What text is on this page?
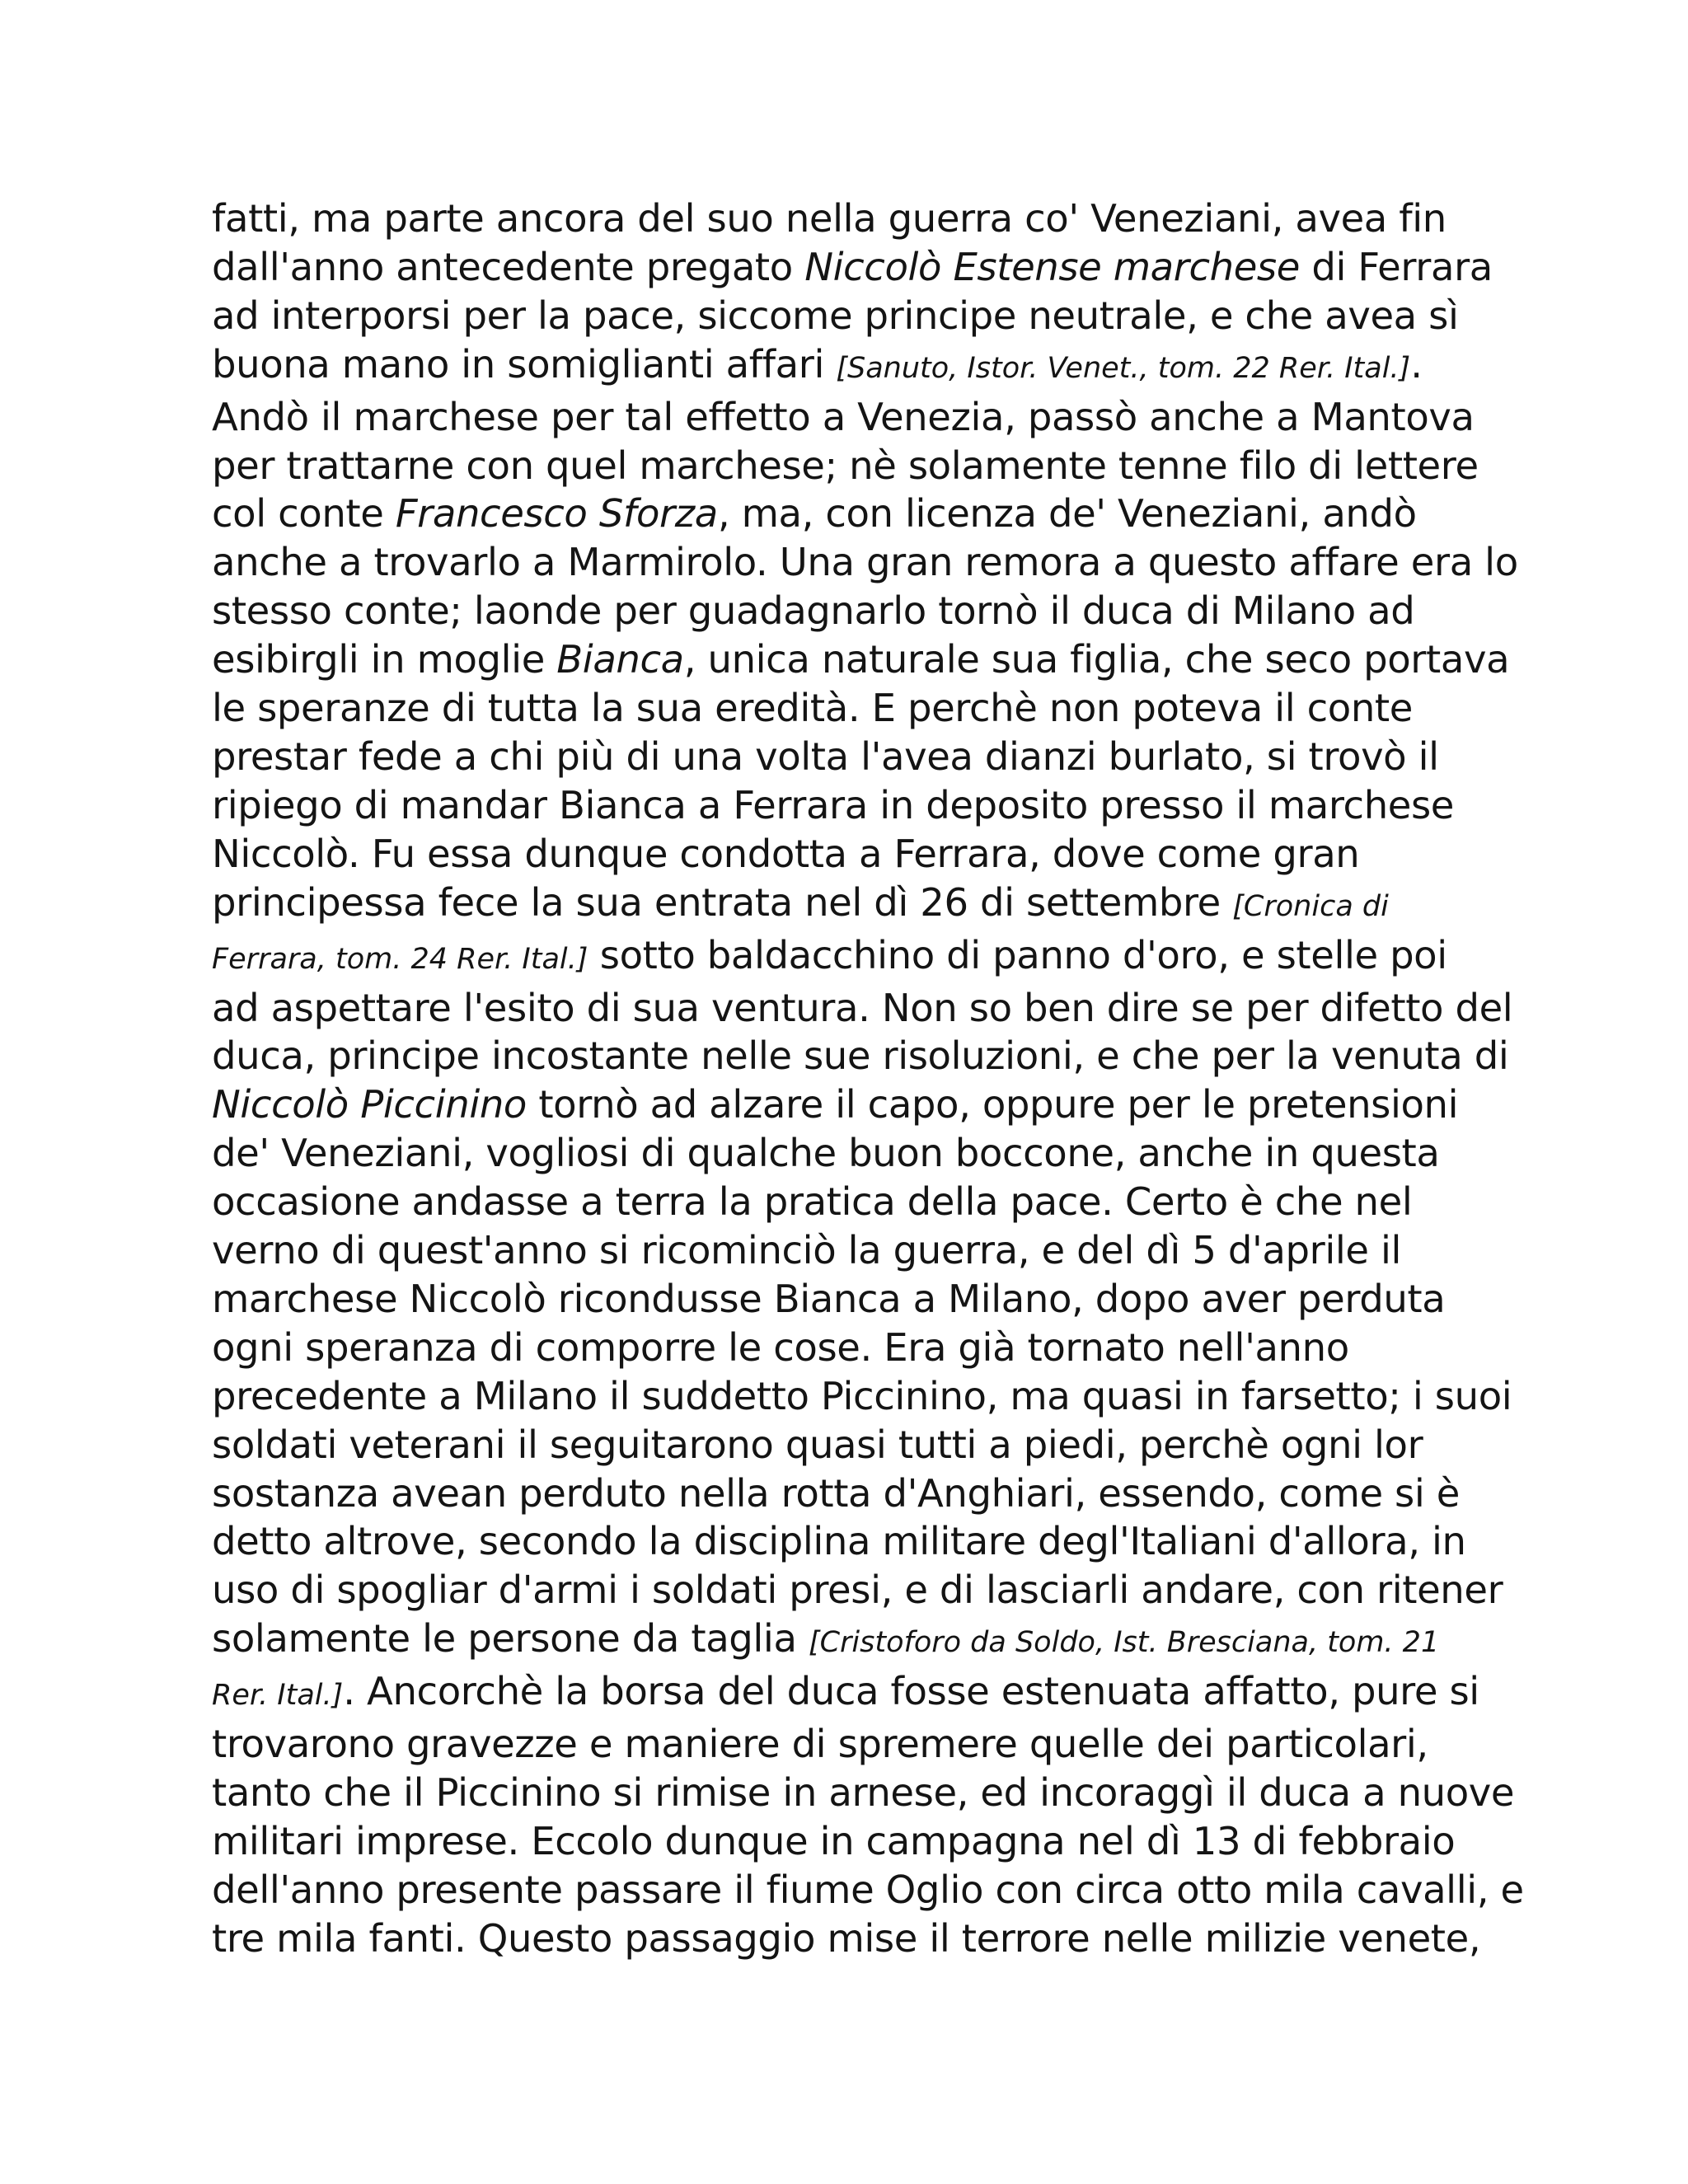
fatti, ma parte ancora del suo nella guerra co' Veneziani, avea fin
dall'anno antecedente pregato Niccolò Estense marchese di Ferrara
ad interporsi per la pace, siccome principe neutrale, e che avea sì
buona mano in somiglianti affari [Sanuto, Istor. Venet., tom. 22 Rer. Ital.].
Andò il marchese per tal effetto a Venezia, passò anche a Mantova
per trattarne con quel marchese; nè solamente tenne filo di lettere
col conte Francesco Sforza, ma, con licenza de' Veneziani, andò
anche a trovarlo a Marmirolo. Una gran remora a questo affare era lo
stesso conte; laonde per guadagnarlo tornò il duca di Milano ad
esibirgli in moglie Bianca, unica naturale sua figlia, che seco portava
le speranze di tutta la sua eredità. E perchè non poteva il conte
prestar fede a chi più di una volta l'avea dianzi burlato, si trovò il
ripiego di mandar Bianca a Ferrara in deposito presso il marchese
Niccolò. Fu essa dunque condotta a Ferrara, dove come gran
principessa fece la sua entrata nel dì 26 di settembre [Cronica di
Ferrara, tom. 24 Rer. Ital.] sotto baldacchino di panno d'oro, e stelle poi
ad aspettare l'esito di sua ventura. Non so ben dire se per difetto del
duca, principe incostante nelle sue risoluzioni, e che per la venuta di
Niccolò Piccinino tornò ad alzare il capo, oppure per le pretensioni
de' Veneziani, vogliosi di qualche buon boccone, anche in questa
occasione andasse a terra la pratica della pace. Certo è che nel
verno di quest'anno si ricominciò la guerra, e del dì 5 d'aprile il
marchese Niccolò ricondusse Bianca a Milano, dopo aver perduta
ogni speranza di comporre le cose. Era già tornato nell'anno
precedente a Milano il suddetto Piccinino, ma quasi in farsetto; i suoi
soldati veterani il seguitarono quasi tutti a piedi, perchè ogni lor
sostanza avean perduto nella rotta d'Anghiari, essendo, come si è
detto altrove, secondo la disciplina militare degl'Italiani d'allora, in
uso di spogliar d'armi i soldati presi, e di lasciarli andare, con ritener
solamente le persone da taglia [Cristoforo da Soldo, Ist. Bresciana, tom. 21
Rer. Ital.]. Ancorchè la borsa del duca fosse estenuata affatto, pure si
trovarono gravezze e maniere di spremere quelle dei particolari,
tanto che il Piccinino si rimise in arnese, ed incoraggì il duca a nuove
militari imprese. Eccolo dunque in campagna nel dì 13 di febbraio
dell'anno presente passare il fiume Oglio con circa otto mila cavalli, e
tre mila fanti. Questo passaggio mise il terrore nelle milizie venete,
